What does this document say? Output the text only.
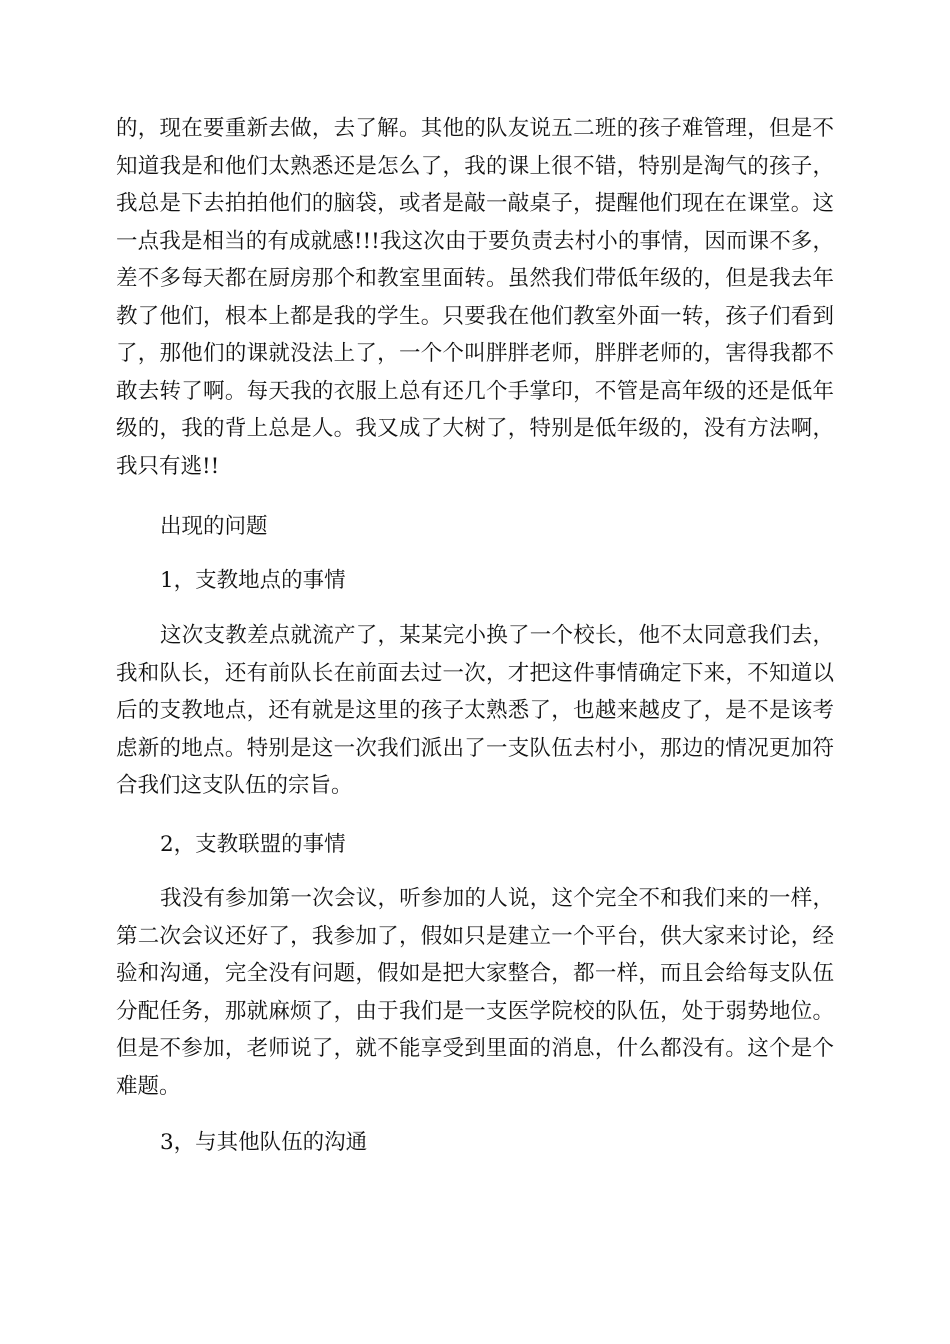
的，现在要重新去做，去了解。其他的队友说五二班的孩子难管理，但是不知道我是和他们太熟悉还是怎么了，我的课上很不错，特别是淘气的孩子，我总是下去拍拍他们的脑袋，或者是敲一敲桌子，提醒他们现在在课堂。这一点我是相当的有成就感!!!我这次由于要负责去村小的事情，因而课不多，差不多每天都在厨房那个和教室里面转。虽然我们带低年级的，但是我去年教了他们，根本上都是我的学生。只要我在他们教室外面一转，孩子们看到了，那他们的课就没法上了，一个个叫胖胖老师，胖胖老师的，害得我都不敢去转了啊。每天我的衣服上总有还几个手掌印，不管是高年级的还是低年级的，我的背上总是人。我又成了大树了，特别是低年级的，没有方法啊，我只有逃!!

出现的问题

1，支教地点的事情

这次支教差点就流产了，某某完小换了一个校长，他不太同意我们去，我和队长，还有前队长在前面去过一次，才把这件事情确定下来，不知道以后的支教地点，还有就是这里的孩子太熟悉了，也越来越皮了，是不是该考虑新的地点。特别是这一次我们派出了一支队伍去村小，那边的情况更加符合我们这支队伍的宗旨。

2，支教联盟的事情

我没有参加第一次会议，听参加的人说，这个完全不和我们来的一样，第二次会议还好了，我参加了，假如只是建立一个平台，供大家来讨论，经验和沟通，完全没有问题，假如是把大家整合，都一样，而且会给每支队伍分配任务，那就麻烦了，由于我们是一支医学院校的队伍，处于弱势地位。但是不参加，老师说了，就不能享受到里面的消息，什么都没有。这个是个难题。

3，与其他队伍的沟通
